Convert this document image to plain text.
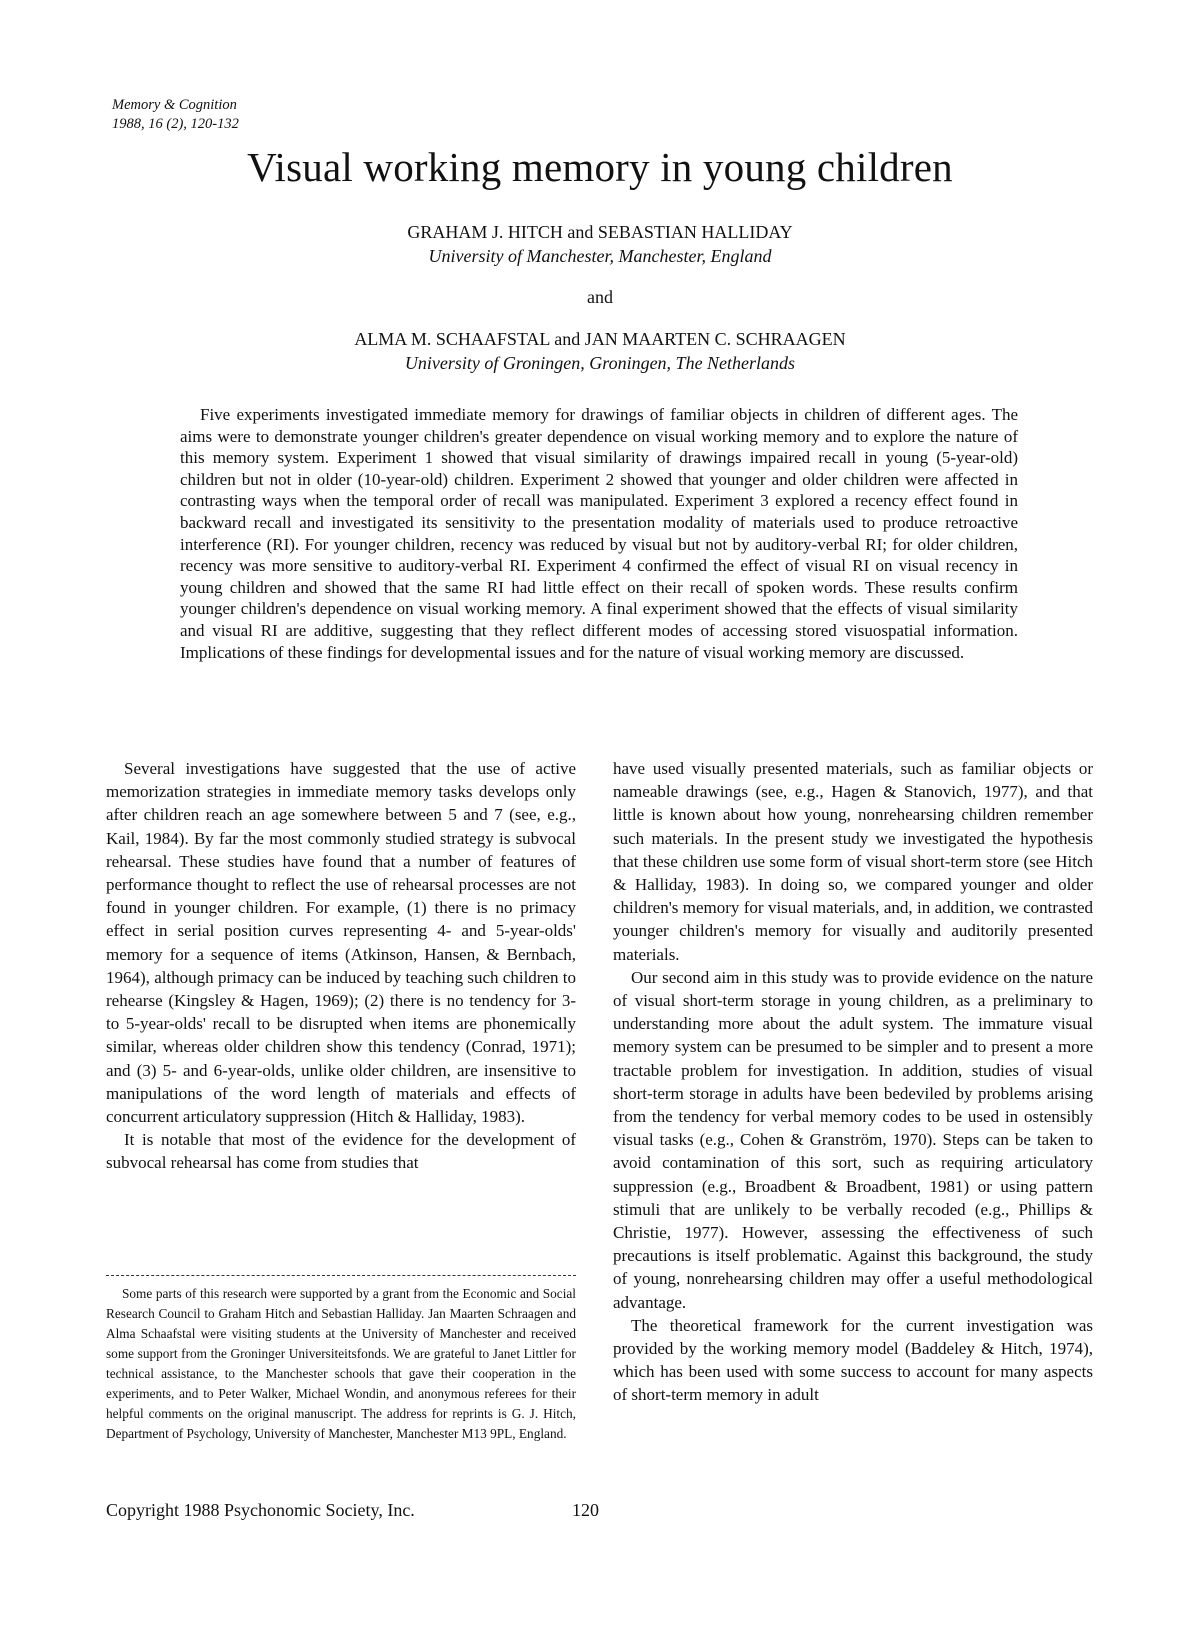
Memory & Cognition
1988, 16 (2), 120-132
Visual working memory in young children
GRAHAM J. HITCH and SEBASTIAN HALLIDAY
University of Manchester, Manchester, England
and
ALMA M. SCHAAFSTAL and JAN MAARTEN C. SCHRAAGEN
University of Groningen, Groningen, The Netherlands

Five experiments investigated immediate memory for drawings of familiar objects in children of different ages. The aims were to demonstrate younger children's greater dependence on visual working memory and to explore the nature of this memory system. Experiment 1 showed that visual similarity of drawings impaired recall in young (5-year-old) children but not in older (10-year-old) children. Experiment 2 showed that younger and older children were affected in contrasting ways when the temporal order of recall was manipulated. Experiment 3 explored a recency effect found in backward recall and investigated its sensitivity to the presentation modality of materials used to produce retroactive interference (RI). For younger children, recency was reduced by visual but not by auditory-verbal RI; for older children, recency was more sensitive to auditory-verbal RI. Experiment 4 confirmed the effect of visual RI on visual recency in young children and showed that the same RI had little effect on their recall of spoken words. These results confirm younger children's dependence on visual working memory. A final experiment showed that the effects of visual similarity and visual RI are additive, suggesting that they reflect different modes of accessing stored visuospatial information. Implications of these findings for developmental issues and for the nature of visual working memory are discussed.

Several investigations have suggested that the use of active memorization strategies in immediate memory tasks develops only after children reach an age somewhere between 5 and 7 (see, e.g., Kail, 1984). By far the most commonly studied strategy is subvocal rehearsal. These studies have found that a number of features of performance thought to reflect the use of rehearsal processes are not found in younger children. For example, (1) there is no primacy effect in serial position curves representing 4- and 5-year-olds' memory for a sequence of items (Atkinson, Hansen, & Bernbach, 1964), although primacy can be induced by teaching such children to rehearse (Kingsley & Hagen, 1969); (2) there is no tendency for 3- to 5-year-olds' recall to be disrupted when items are phonemically similar, whereas older children show this tendency (Conrad, 1971); and (3) 5- and 6-year-olds, unlike older children, are insensitive to manipulations of the word length of materials and effects of concurrent articulatory suppression (Hitch & Halliday, 1983).

It is notable that most of the evidence for the development of subvocal rehearsal has come from studies that

have used visually presented materials, such as familiar objects or nameable drawings (see, e.g., Hagen & Stanovich, 1977), and that little is known about how young, nonrehearsing children remember such materials. In the present study we investigated the hypothesis that these children use some form of visual short-term store (see Hitch & Halliday, 1983). In doing so, we compared younger and older children's memory for visual materials, and, in addition, we contrasted younger children's memory for visually and auditorily presented materials.

Our second aim in this study was to provide evidence on the nature of visual short-term storage in young children, as a preliminary to understanding more about the adult system. The immature visual memory system can be presumed to be simpler and to present a more tractable problem for investigation. In addition, studies of visual short-term storage in adults have been bedeviled by problems arising from the tendency for verbal memory codes to be used in ostensibly visual tasks (e.g., Cohen & Granström, 1970). Steps can be taken to avoid contamination of this sort, such as requiring articulatory suppression (e.g., Broadbent & Broadbent, 1981) or using pattern stimuli that are unlikely to be verbally recoded (e.g., Phillips & Christie, 1977). However, assessing the effectiveness of such precautions is itself problematic. Against this background, the study of young, nonrehearsing children may offer a useful methodological advantage.

The theoretical framework for the current investigation was provided by the working memory model (Baddeley & Hitch, 1974), which has been used with some success to account for many aspects of short-term memory in adult

Some parts of this research were supported by a grant from the Economic and Social Research Council to Graham Hitch and Sebastian Halliday. Jan Maarten Schraagen and Alma Schaafstal were visiting students at the University of Manchester and received some support from the Groninger Universiteitsfonds. We are grateful to Janet Littler for technical assistance, to the Manchester schools that gave their cooperation in the experiments, and to Peter Walker, Michael Wondin, and anonymous referees for their helpful comments on the original manuscript. The address for reprints is G. J. Hitch, Department of Psychology, University of Manchester, Manchester M13 9PL, England.

Copyright 1988 Psychonomic Society, Inc.	120
